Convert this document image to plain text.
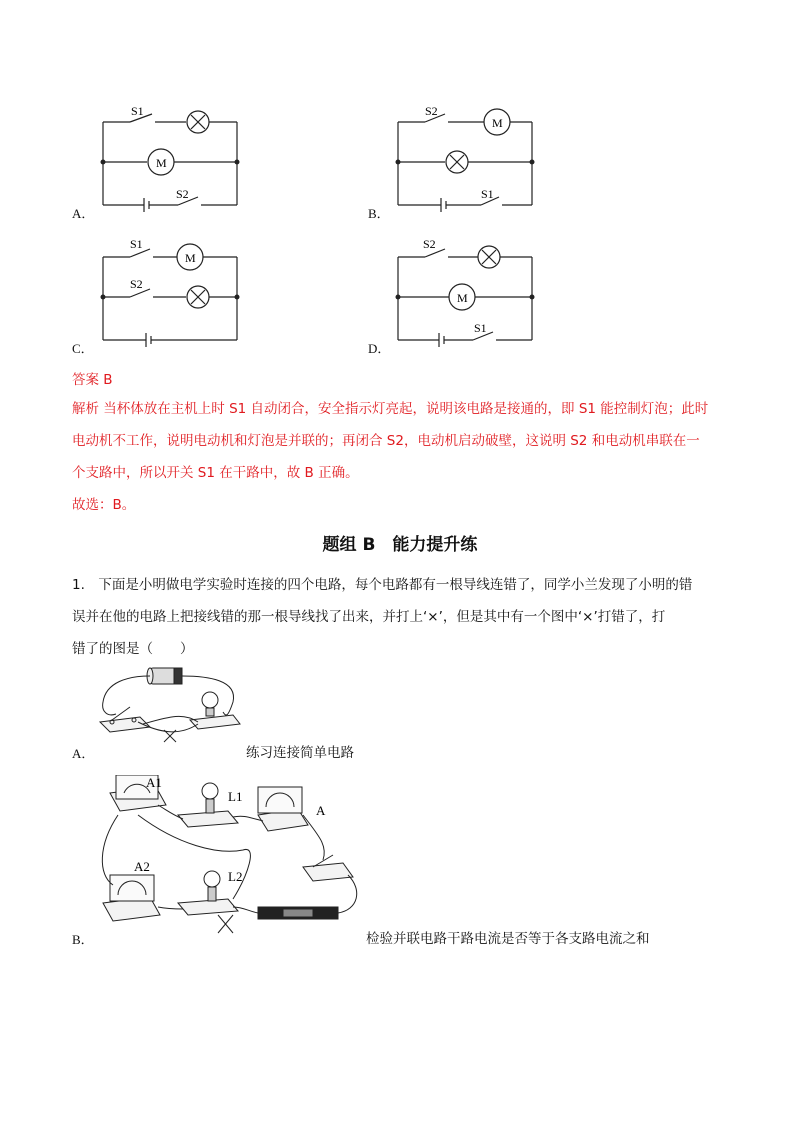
S1
M
S2
A．
S2
M
S1
B．
S1
M
S2
C．
S2
M
S1
D．
答案 B
解析 当杯体放在主机上时 S1 自动闭合，安全指示灯亮起，说明该电路是接通的，即 S1 能控制灯泡；此时
电动机不工作，说明电动机和灯泡是并联的；再闭合 S2，电动机启动破壁，这说明 S2 和电动机串联在一
个支路中，所以开关 S1 在干路中，故 B 正确。
故选：B。
题组 B　能力提升练
1.　下面是小明做电学实验时连接的四个电路，每个电路都有一根导线连错了，同学小兰发现了小明的错
误并在他的电路上把接线错的那一根导线找了出来，并打上‘×’，但是其中有一个图中‘×’打错了，打
错了的图是（　　）
A．	练习连接简单电路
A1
L1
A
A2
L2
B．	检验并联电路干路电流是否等于各支路电流之和
